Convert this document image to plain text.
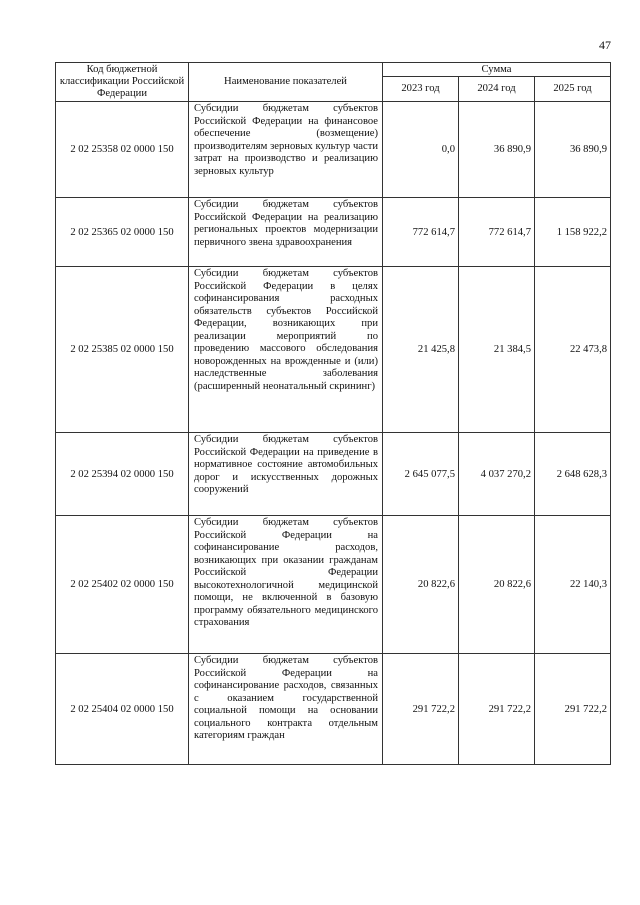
47
Код бюджетной классификации Российской Федерации	Наименование показателей	Сумма		
		2023 год	2024 год	2025 год
2 02 25358 02 0000 150	Субсидии бюджетам субъектов Российской Федерации на финансовое обеспечение (возмещение) производителям зерновых культур части затрат на производство и реализацию зерновых культур	0,0	36 890,9	36 890,9
2 02 25365 02 0000 150	Субсидии бюджетам субъектов Российской Федерации на реализацию региональных проектов модернизации первичного звена здравоохранения	772 614,7	772 614,7	1 158 922,2
2 02 25385 02 0000 150	Субсидии бюджетам субъектов Российской Федерации в целях софинансирования расходных обязательств субъектов Российской Федерации, возникающих при реализации мероприятий по проведению массового обследования новорожденных на врожденные и (или) наследственные заболевания (расширенный неонатальный скрининг)	21 425,8	21 384,5	22 473,8
2 02 25394 02 0000 150	Субсидии бюджетам субъектов Российской Федерации на приведение в нормативное состояние автомобильных дорог и искусственных дорожных сооружений	2 645 077,5	4 037 270,2	2 648 628,3
2 02 25402 02 0000 150	Субсидии бюджетам субъектов Российской Федерации на софинансирование расходов, возникающих при оказании гражданам Российской Федерации высокотехнологичной медицинской помощи, не включенной в базовую программу обязательного медицинского страхования	20 822,6	20 822,6	22 140,3
2 02 25404 02 0000 150	Субсидии бюджетам субъектов Российской Федерации на софинансирование расходов, связанных с оказанием государственной социальной помощи на основании социального контракта отдельным категориям граждан	291 722,2	291 722,2	291 722,2
